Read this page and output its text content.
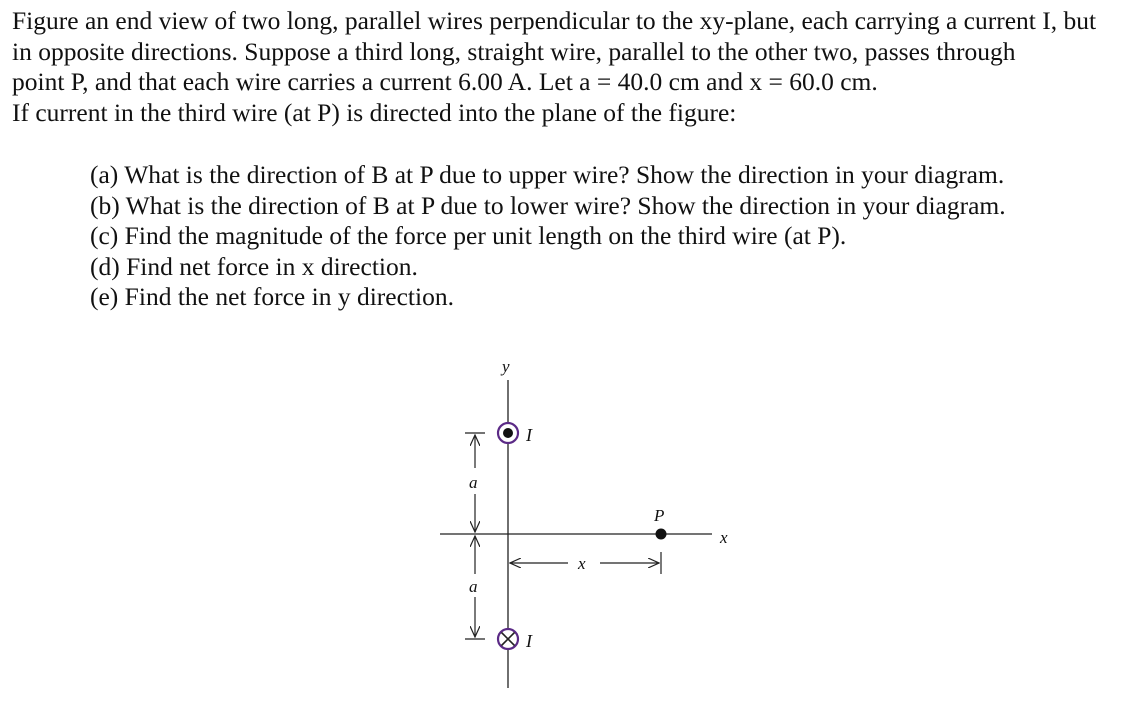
Figure an end view of two long, parallel wires perpendicular to the xy-plane, each carrying a current I, but

in opposite directions. Suppose a third long, straight wire, parallel to the other two, passes through

point P, and that each wire carries a current 6.00 A. Let a = 40.0 cm and x = 60.0 cm.

If current in the third wire (at P) is directed into the plane of the figure:

(a) What is the direction of B at P due to upper wire? Show the direction in your diagram.
(b) What is the direction of B at P due to lower wire? Show the direction in your diagram.
(c) Find the magnitude of the force per unit length on the third wire (at P).
(d) Find net force in x direction.
(e) Find the net force in y direction.
y
x
I
I
P
a
a
x
